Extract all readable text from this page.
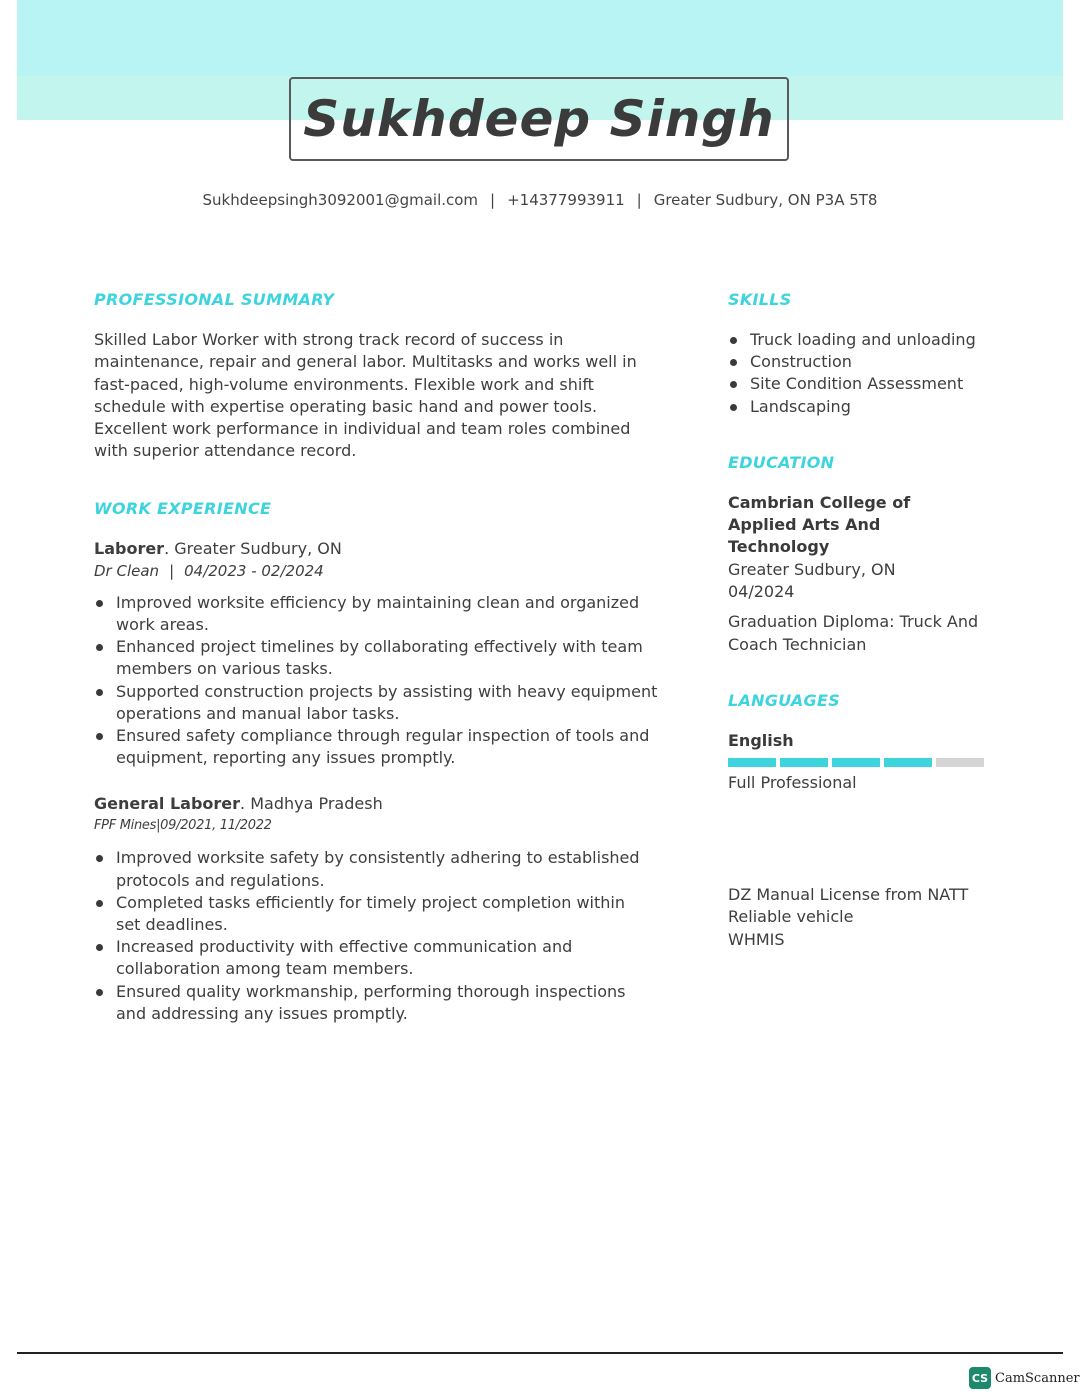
Sukhdeep Singh
Sukhdeepsingh3092001@gmail.com | +14377993911 | Greater Sudbury, ON P3A 5T8
PROFESSIONAL SUMMARY

Skilled Labor Worker with strong track record of success in maintenance, repair and general labor. Multitasks and works well in fast-paced, high-volume environments. Flexible work and shift schedule with expertise operating basic hand and power tools. Excellent work performance in individual and team roles combined with superior attendance record.

WORK EXPERIENCE
Laborer. Greater Sudbury, ON
Dr Clean | 04/2023 - 02/2024
Improved worksite efficiency by maintaining clean and organized work areas.
Enhanced project timelines by collaborating effectively with team members on various tasks.
Supported construction projects by assisting with heavy equipment operations and manual labor tasks.
Ensured safety compliance through regular inspection of tools and equipment, reporting any issues promptly.
General Laborer. Madhya Pradesh
FPF Mines|09/2021, 11/2022
Improved worksite safety by consistently adhering to established protocols and regulations.
Completed tasks efficiently for timely project completion within set deadlines.
Increased productivity with effective communication and collaboration among team members.
Ensured quality workmanship, performing thorough inspections and addressing any issues promptly.
SKILLS
Truck loading and unloading
Construction
Site Condition Assessment
Landscaping
EDUCATION
Cambrian College of Applied Arts And Technology
Greater Sudbury, ON
04/2024
Graduation Diploma: Truck And Coach Technician
LANGUAGES
English
Full Professional
DZ Manual License from NATT
Reliable vehicle
WHMIS
CS CamScanner
